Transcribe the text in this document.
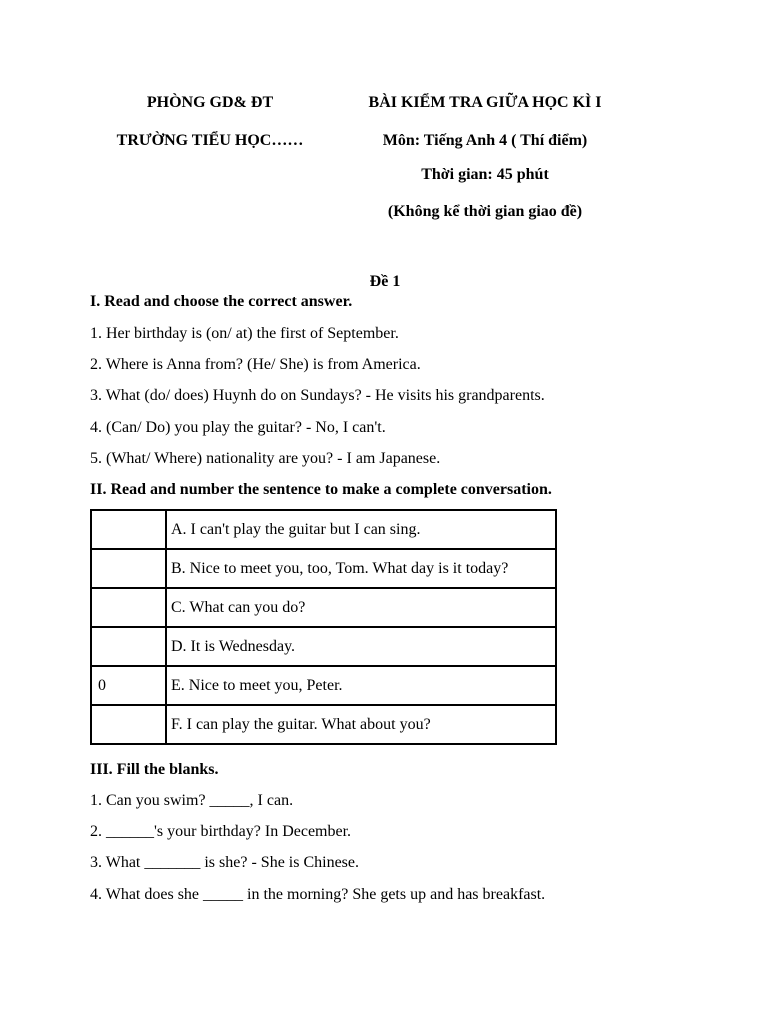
PHÒNG GD& ĐT
TRƯỜNG TIỂU HỌC……
BÀI KIỂM TRA GIỮA HỌC KÌ I
Môn: Tiếng Anh 4 ( Thí điểm)
Thời gian: 45 phút
(Không kể thời gian giao đề)
Đề 1
I. Read and choose the correct answer.
1. Her birthday is (on/ at) the first of September.
2. Where is Anna from? (He/ She) is from America.
3. What (do/ does) Huynh do on Sundays? - He visits his grandparents.
4. (Can/ Do) you play the guitar? - No, I can't.
5. (What/ Where) nationality are you? - I am Japanese.
II. Read and number the sentence to make a complete conversation.
	A. I can't play the guitar but I can sing.
	B. Nice to meet you, too, Tom. What day is it today?
	C. What can you do?
	D. It is Wednesday.
0	E. Nice to meet you, Peter.
	F. I can play the guitar. What about you?
III. Fill the blanks.
1. Can you swim? _____, I can.
2. ______'s your birthday? In December.
3. What _______ is she? - She is Chinese.
4. What does she _____ in the morning? She gets up and has breakfast.
